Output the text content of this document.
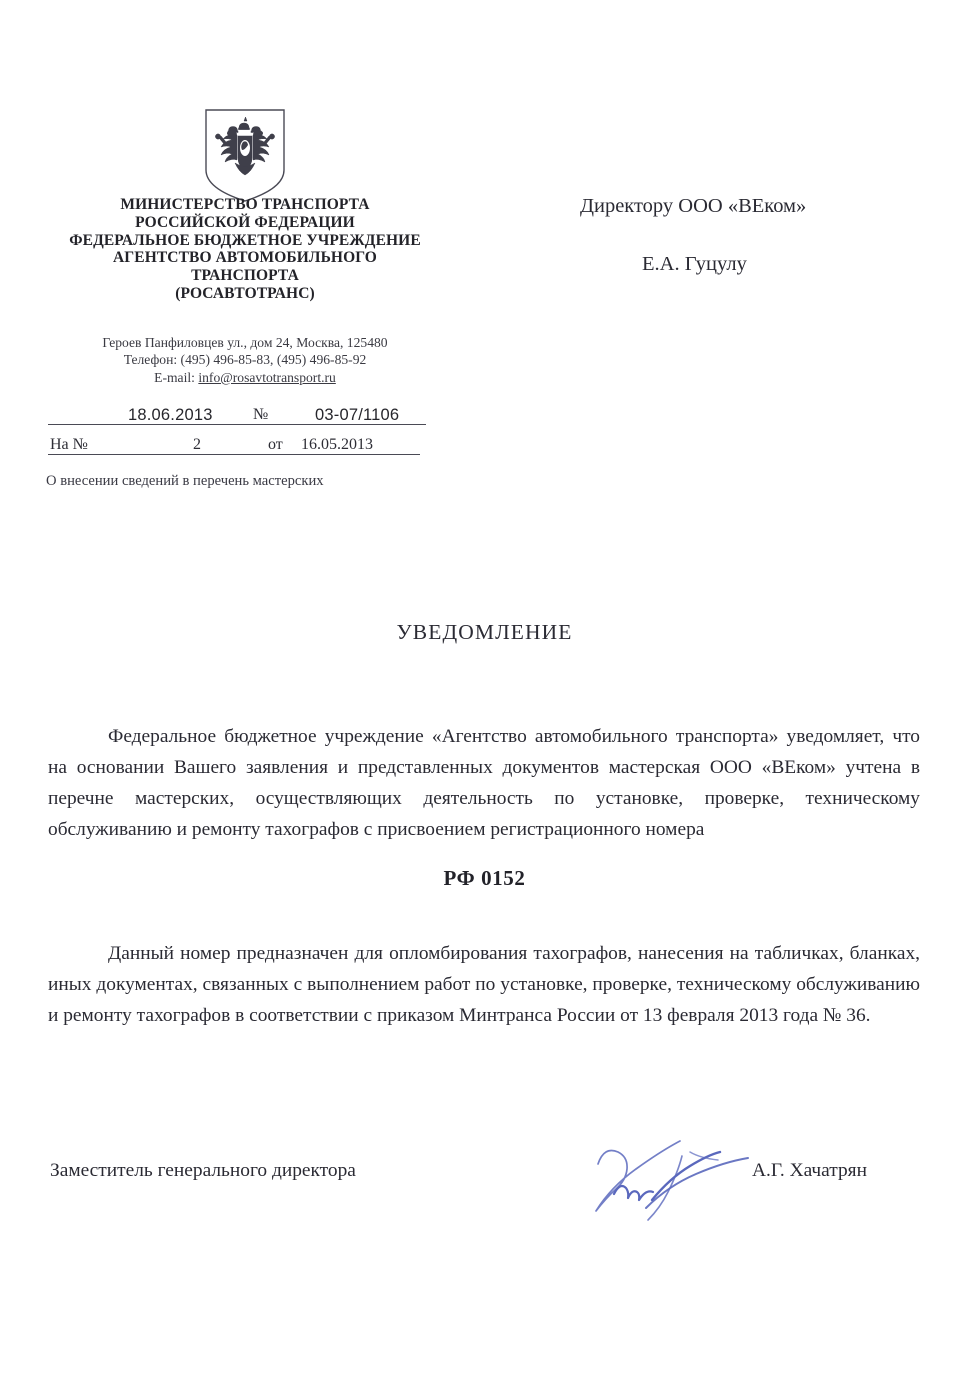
МИНИСТЕРСТВО ТРАНСПОРТА
РОССИЙСКОЙ ФЕДЕРАЦИИ
ФЕДЕРАЛЬНОЕ БЮДЖЕТНОЕ УЧРЕЖДЕНИЕ
АГЕНТСТВО АВТОМОБИЛЬНОГО
ТРАНСПОРТА
(РОСАВТОТРАНС)
Героев Панфиловцев ул., дом 24, Москва, 125480
Телефон: (495) 496-85-83, (495) 496-85-92
E-mail: info@rosavtotransport.ru
18.06.2013	№	03-07/1106
На №	2	от 16.05.2013
О внесении сведений в перечень мастерских
Директору ООО «ВЕком»
Е.А. Гуцулу
УВЕДОМЛЕНИЕ

Федеральное бюджетное учреждение «Агентство автомобильного транспорта» уведомляет, что на основании Вашего заявления и представленных документов мастерская ООО «ВЕком» учтена в перечне мастерских, осуществляющих деятельность по установке, проверке, техническому обслуживанию и ремонту тахографов с присвоением регистрационного номера

РФ 0152

Данный номер предназначен для опломбирования тахографов, нанесения на табличках, бланках, иных документах, связанных с выполнением работ по установке, проверке, техническому обслуживанию и ремонту тахографов в соответствии с приказом Минтранса России от 13 февраля 2013 года № 36.

Заместитель генерального директора	А.Г. Хачатрян
